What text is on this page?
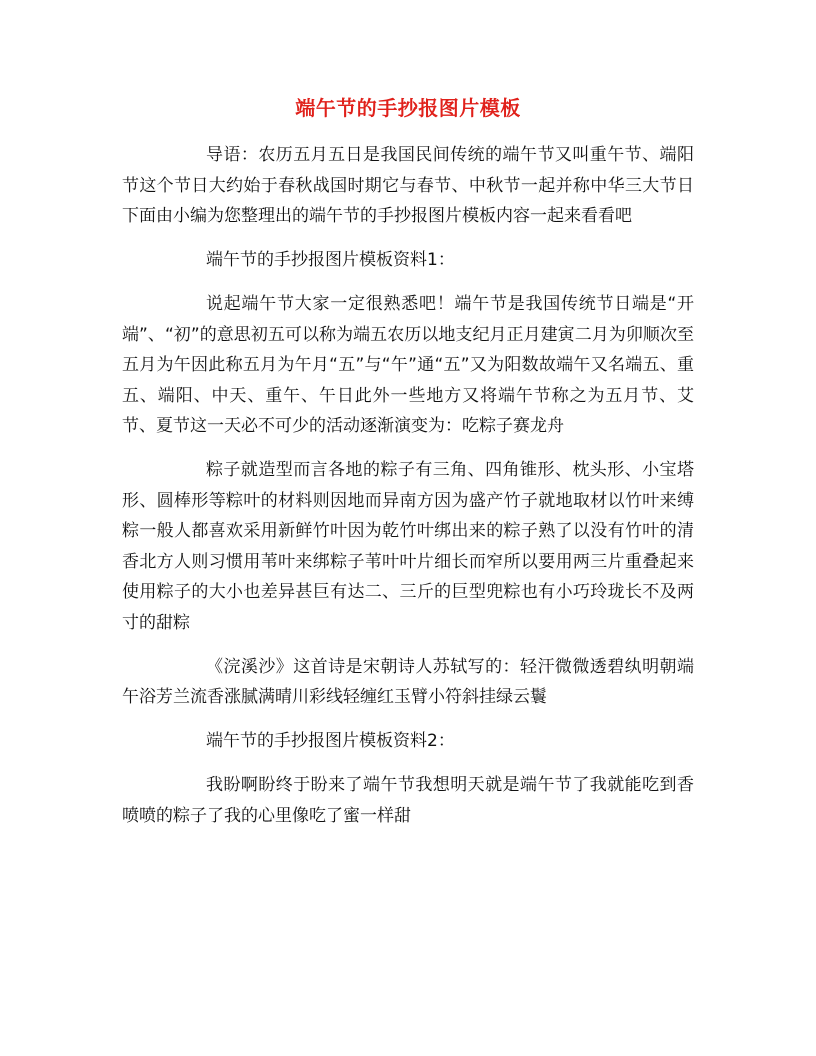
端午节的手抄报图片模板

导语：农历五月五日是我国民间传统的端午节又叫重午节、端阳节这个节日大约始于春秋战国时期它与春节、中秋节一起并称中华三大节日下面由小编为您整理出的端午节的手抄报图片模板内容一起来看看吧

端午节的手抄报图片模板资料1：

说起端午节大家一定很熟悉吧！端午节是我国传统节日端是“开端”、“初”的意思初五可以称为端五农历以地支纪月正月建寅二月为卯顺次至五月为午因此称五月为午月“五”与“午”通“五”又为阳数故端午又名端五、重五、端阳、中天、重午、午日此外一些地方又将端午节称之为五月节、艾节、夏节这一天必不可少的活动逐渐演变为：吃粽子赛龙舟

粽子就造型而言各地的粽子有三角、四角锥形、枕头形、小宝塔形、圆棒形等粽叶的材料则因地而异南方因为盛产竹子就地取材以竹叶来缚粽一般人都喜欢采用新鲜竹叶因为乾竹叶绑出来的粽子熟了以没有竹叶的清香北方人则习惯用苇叶来绑粽子苇叶叶片细长而窄所以要用两三片重叠起来使用粽子的大小也差异甚巨有达二、三斤的巨型兜粽也有小巧玲珑长不及两寸的甜粽

《浣溪沙》这首诗是宋朝诗人苏轼写的：轻汗微微透碧纨明朝端午浴芳兰流香涨腻满晴川彩线轻缠红玉臂小符斜挂绿云鬟

端午节的手抄报图片模板资料2：

我盼啊盼终于盼来了端午节我想明天就是端午节了我就能吃到香喷喷的粽子了我的心里像吃了蜜一样甜
